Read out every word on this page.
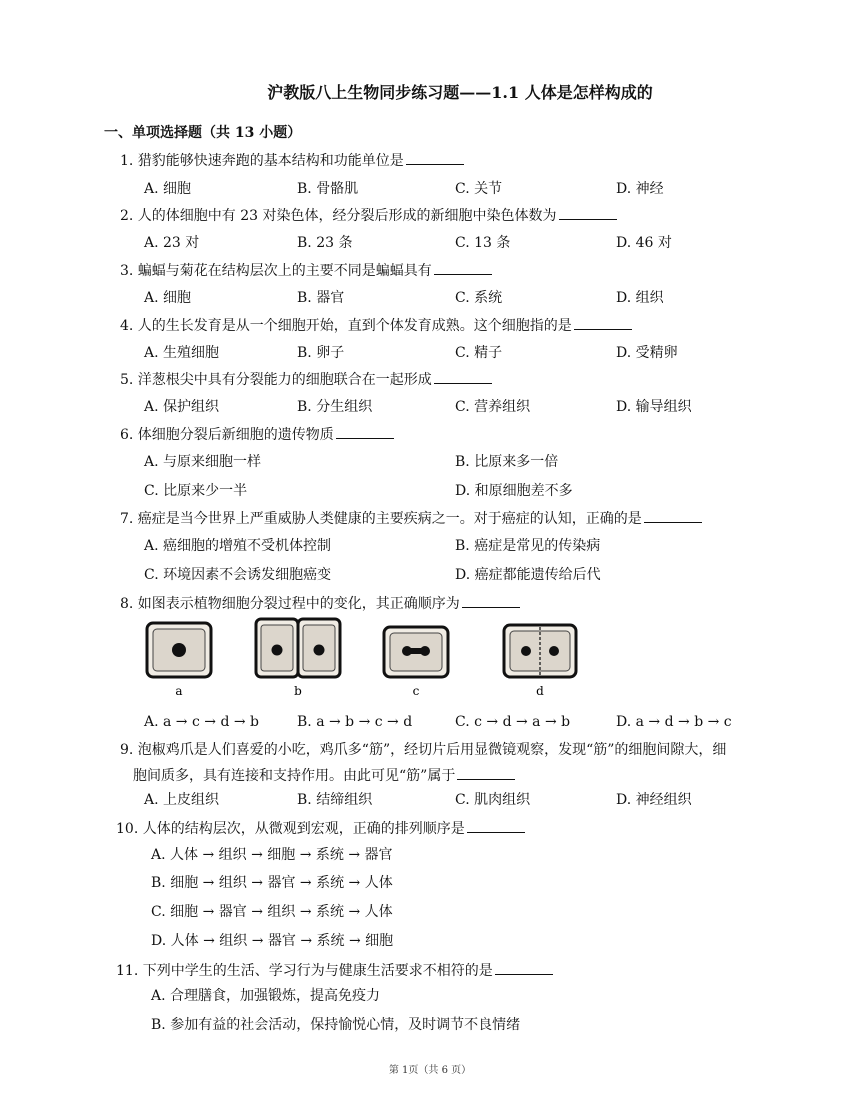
沪教版八上生物同步练习题——1.1 人体是怎样构成的
一、单项选择题（共 13 小题）
1. 猎豹能够快速奔跑的基本结构和功能单位是
A. 细胞	B. 骨骼肌	C. 关节	D. 神经
2. 人的体细胞中有 23 对染色体，经分裂后形成的新细胞中染色体数为
A. 23 对	B. 23 条	C. 13 条	D. 46 对
3. 蝙蝠与菊花在结构层次上的主要不同是蝙蝠具有
A. 细胞	B. 器官	C. 系统	D. 组织
4. 人的生长发育是从一个细胞开始，直到个体发育成熟。这个细胞指的是
A. 生殖细胞	B. 卵子	C. 精子	D. 受精卵
5. 洋葱根尖中具有分裂能力的细胞联合在一起形成
A. 保护组织	B. 分生组织	C. 营养组织	D. 输导组织
6. 体细胞分裂后新细胞的遗传物质
A. 与原来细胞一样	B. 比原来多一倍
C. 比原来少一半	D. 和原细胞差不多
7. 癌症是当今世界上严重威胁人类健康的主要疾病之一。对于癌症的认知，正确的是
A. 癌细胞的增殖不受机体控制	B. 癌症是常见的传染病
C. 环境因素不会诱发细胞癌变	D. 癌症都能遗传给后代
8. 如图表示植物细胞分裂过程中的变化，其正确顺序为
a	b	c	d
A. a → c → d → b	B. a → b → c → d	C. c → d → a → b	D. a → d → b → c
9. 泡椒鸡爪是人们喜爱的小吃，鸡爪多“筋”，经切片后用显微镜观察，发现“筋”的细胞间隙大，细
胞间质多，具有连接和支持作用。由此可见“筋”属于
A. 上皮组织	B. 结缔组织	C. 肌肉组织	D. 神经组织
10. 人体的结构层次，从微观到宏观，正确的排列顺序是
A. 人体 → 组织 → 细胞 → 系统 → 器官
B. 细胞 → 组织 → 器官 → 系统 → 人体
C. 细胞 → 器官 → 组织 → 系统 → 人体
D. 人体 → 组织 → 器官 → 系统 → 细胞
11. 下列中学生的生活、学习行为与健康生活要求不相符的是
A. 合理膳食，加强锻炼，提高免疫力
B. 参加有益的社会活动，保持愉悦心情，及时调节不良情绪
第 1页（共 6 页）
